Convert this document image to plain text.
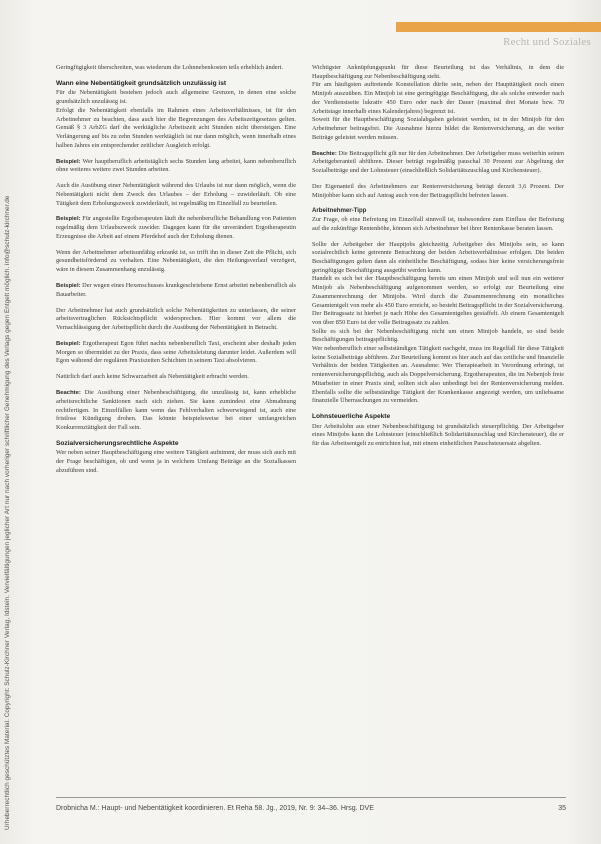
Recht und Soziales
Urheberrechtlich geschütztes Material. Copyright: Schulz-Kirchner Verlag, Idstein. Vervielfältigungen jeglicher Art nur nach vorheriger schriftlicher Genehmigung des Verlags gegen Entgelt möglich. info@schulz-kirchner.de

Geringfügigkeit überschreiten, was wiederum die Lohnnebenkosten teils erheblich ändert.

Wann eine Nebentätigkeit grundsätzlich unzulässig ist

Für die Nebentätigkeit bestehen jedoch auch allgemeine Grenzen, in denen eine solche grundsätzlich unzulässig ist.

Erfolgt die Nebentätigkeit ebenfalls im Rahmen eines Arbeitsverhältnisses, ist für den Arbeitnehmer zu beachten, dass auch hier die Begrenzungen des Arbeitszeitgesetzes gelten. Gemäß § 3 ArbZG darf die werktägliche Arbeitszeit acht Stunden nicht übersteigen. Eine Verlängerung auf bis zu zehn Stunden werktäglich ist nur dann möglich, wenn innerhalb eines halben Jahres ein entsprechender zeitlicher Ausgleich erfolgt.

Beispiel: Wer hauptberuflich arbeitstäglich sechs Stunden lang arbeitet, kann nebenberuflich ohne weiteres weitere zwei Stunden arbeiten.

Auch die Ausübung einer Nebentätigkeit während des Urlaubs ist nur dann möglich, wenn die Nebentätigkeit nicht dem Zweck des Urlaubes – der Erholung – zuwiderläuft. Ob eine Tätigkeit dem Erholungszweck zuwiderläuft, ist regelmäßig im Einzelfall zu beurteilen.

Beispiel: Für angestellte Ergotherapeuten läuft die nebenberufliche Behandlung von Patienten regelmäßig dem Urlaubszweck zuwider. Dagegen kann für die unverändert Ergotherapeutin Erzeugnisse die Arbeit auf einem Pferdehof auch der Erholung dienen.

Wenn der Arbeitnehmer arbeitsunfähig erkrankt ist, so trifft ihn in dieser Zeit die Pflicht, sich gesundheitsfördernd zu verhalten. Eine Nebentätigkeit, die den Heilungsverlauf verzögert, wäre in diesem Zusammenhang unzulässig.

Beispiel: Der wegen eines Hexenschusses krankgeschriebene Ernst arbeitet nebenberuflich als Bauarbeiter.

Der Arbeitnehmer hat auch grundsätzlich solche Nebentätigkeiten zu unterlassen, die seiner arbeitsvertraglichen Rücksichtspflicht widersprechen. Hier kommt vor allem die Vernachlässigung der Arbeitspflicht durch die Ausübung der Nebentätigkeit in Betracht.

Beispiel: Ergotherapeut Egon führt nachts nebenberuflich Taxi, erscheint aber deshalb jeden Morgen so übermüdet zu der Praxis, dass seine Arbeitsleistung darunter leidet. Außerdem will Egon während der regulären Praxiszeiten Schichten in seinem Taxi absolvieren.

Natürlich darf auch keine Schwarzarbeit als Nebentätigkeit erbracht werden.

Beachte: Die Ausübung einer Nebenbeschäftigung, die unzulässig ist, kann erhebliche arbeitsrechtliche Sanktionen nach sich ziehen. Sie kann zumindest eine Abmahnung rechtfertigen. In Einzelfällen kann wenn das Fehlverhalten schwerwiegend ist, auch eine fristlose Kündigung drohen. Das könnte beispielsweise bei einer umfangreichen Konkurrenztätigkeit der Fall sein.

Sozialversicherungsrechtliche Aspekte

Wer neben seiner Hauptbeschäftigung eine weitere Tätigkeit aufnimmt, der muss sich auch mit der Frage beschäftigen, ob und wenn ja in welchem Umfang Beiträge an die Sozialkassen abzuführen sind.

Wichtigster Anknüpfungspunkt für diese Beurteilung ist das Verhältnis, in dem die Hauptbeschäftigung zur Nebenbeschäftigung steht.

Für am häufigsten auftretende Konstellation dürfte sein, neben der Haupttätigkeit noch einen Minijob auszuüben. Ein Minijob ist eine geringfügige Beschäftigung, die als solche entweder nach der Verdienstseite lukrativ 450 Euro oder nach der Dauer (maximal drei Monate bzw. 70 Arbeitstage innerhalb eines Kalenderjahres) begrenzt ist.

Soweit für die Hauptbeschäftigung Sozialabgaben geleistet werden, ist in der Minijob für den Arbeitnehmer beitragsfrei. Die Ausnahme hierzu bildet die Rentenversicherung, an die weiter Beiträge geleistet werden müssen.

Beachte: Die Beitragspflicht gilt nur für den Arbeitnehmer. Der Arbeitgeber muss weiterhin seinen Arbeitgeberanteil abführen. Dieser beträgt regelmäßig pauschal 30 Prozent zur Abgeltung der Sozialbeiträge und der Lohnsteuer (einschließlich Solidaritätszuschlag und Kirchensteuer).

Der Eigenanteil des Arbeitnehmers zur Rentenversicherung beträgt derzeit 3,6 Prozent. Der Minijobber kann sich auf Antrag auch von der Beitragspflicht befreien lassen.

Arbeitnehmer-Tipp

Zur Frage, ob eine Befreiung im Einzelfall sinnvoll ist, insbesondere zum Einfluss der Befreiung auf die zukünftige Rentenhöhe, können sich Arbeitnehmer bei ihrer Rentenkasse beraten lassen.

Sollte der Arbeitgeber der Hauptjobs gleichzeitig Arbeitgeber des Minijobs sein, so kann sozialrechtlich keine getrennte Betrachtung der beiden Arbeitsverhältnisse erfolgen. Die beiden Beschäftigungen gelten dann als einheitliche Beschäftigung, sodass hier keine versicherungsfreie geringfügige Beschäftigung ausgeübt werden kann.

Handelt es sich bei der Hauptbeschäftigung bereits um einen Minijob und soll nun ein weiterer Minijob als Nebenbeschäftigung aufgenommen werden, so erfolgt zur Beurteilung eine Zusammenrechnung der Minijobs. Wird durch die Zusammenrechnung ein monatliches Gesamtentgelt von mehr als 450 Euro erreicht, so besteht Beitragspflicht in der Sozialversicherung. Der Beitragssatz ist hierbei je nach Höhe des Gesamtentgeltes gestaffelt. Ab einem Gesamtentgelt von über 850 Euro ist der volle Beitragssatz zu zahlen.

Sollte es sich bei der Nebenbeschäftigung nicht um einen Minijob handeln, so sind beide Beschäftigungen beitragspflichtig.

Wer nebenberuflich einer selbstständigen Tätigkeit nachgeht, muss im Regelfall für diese Tätigkeit keine Sozialbeiträge abführen. Zur Beurteilung kommt es hier auch auf das zeitliche und finanzielle Verhältnis der beiden Tätigkeiten an. Ausnahme: Wer Therapiearbeit in Verordnung erbringt, ist rentenversicherungspflichtig, auch als Doppelversicherung. Ergotherapeuten, die im Nebenjob freie Mitarbeiter in einer Praxis sind, sollten sich also unbedingt bei der Rentenversicherung melden. Ebenfalls sollte die selbstständige Tätigkeit der Krankenkasse angezeigt werden, um unliebsame finanzielle Überraschungen zu vermeiden.

Lohnsteuerliche Aspekte

Der Arbeitslohn aus einer Nebenbeschäftigung ist grundsätzlich steuerpflichtig. Der Arbeitgeber eines Minijobs kann die Lohnsteuer (einschließlich Solidaritätszuschlag und Kirchensteuer), die er für das Arbeitsentgelt zu entrichten hat, mit einem einheitlichen Pauschsteuersatz abgelten.

Drobnicha M.: Haupt- und Nebentätigkeit koordinieren. Et Reha 58. Jg., 2019, Nr. 9: 34–36. Hrsg. DVE	35
